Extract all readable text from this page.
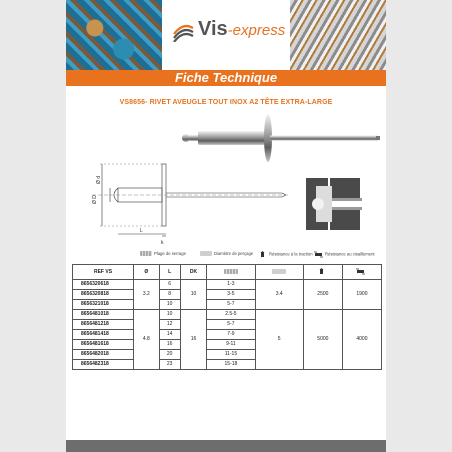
Vis-express
Fiche Technique
VS8656- RIVET AVEUGLE TOUT INOX A2 TÊTE EXTRA-LARGE
Ø d
Ø D
L
k
Plage de serrage	Diamètre de perçage	Résistance à la traction	Résistance au cisaillement
REF VS	Ø	L	DK				
8656320618	3.2	6	10	1-3	3.4	2500	1900
8656320818		8		3-5			
8656321018		10		5-7			
8656481018	4.8	10	16	2.5-5	5	5000	4000
8656481218		12		5-7			
8656481418		14		7-9			
8656481618		16		9-11			
8656482018		20		11-15			
8656482318		23		15-18			
